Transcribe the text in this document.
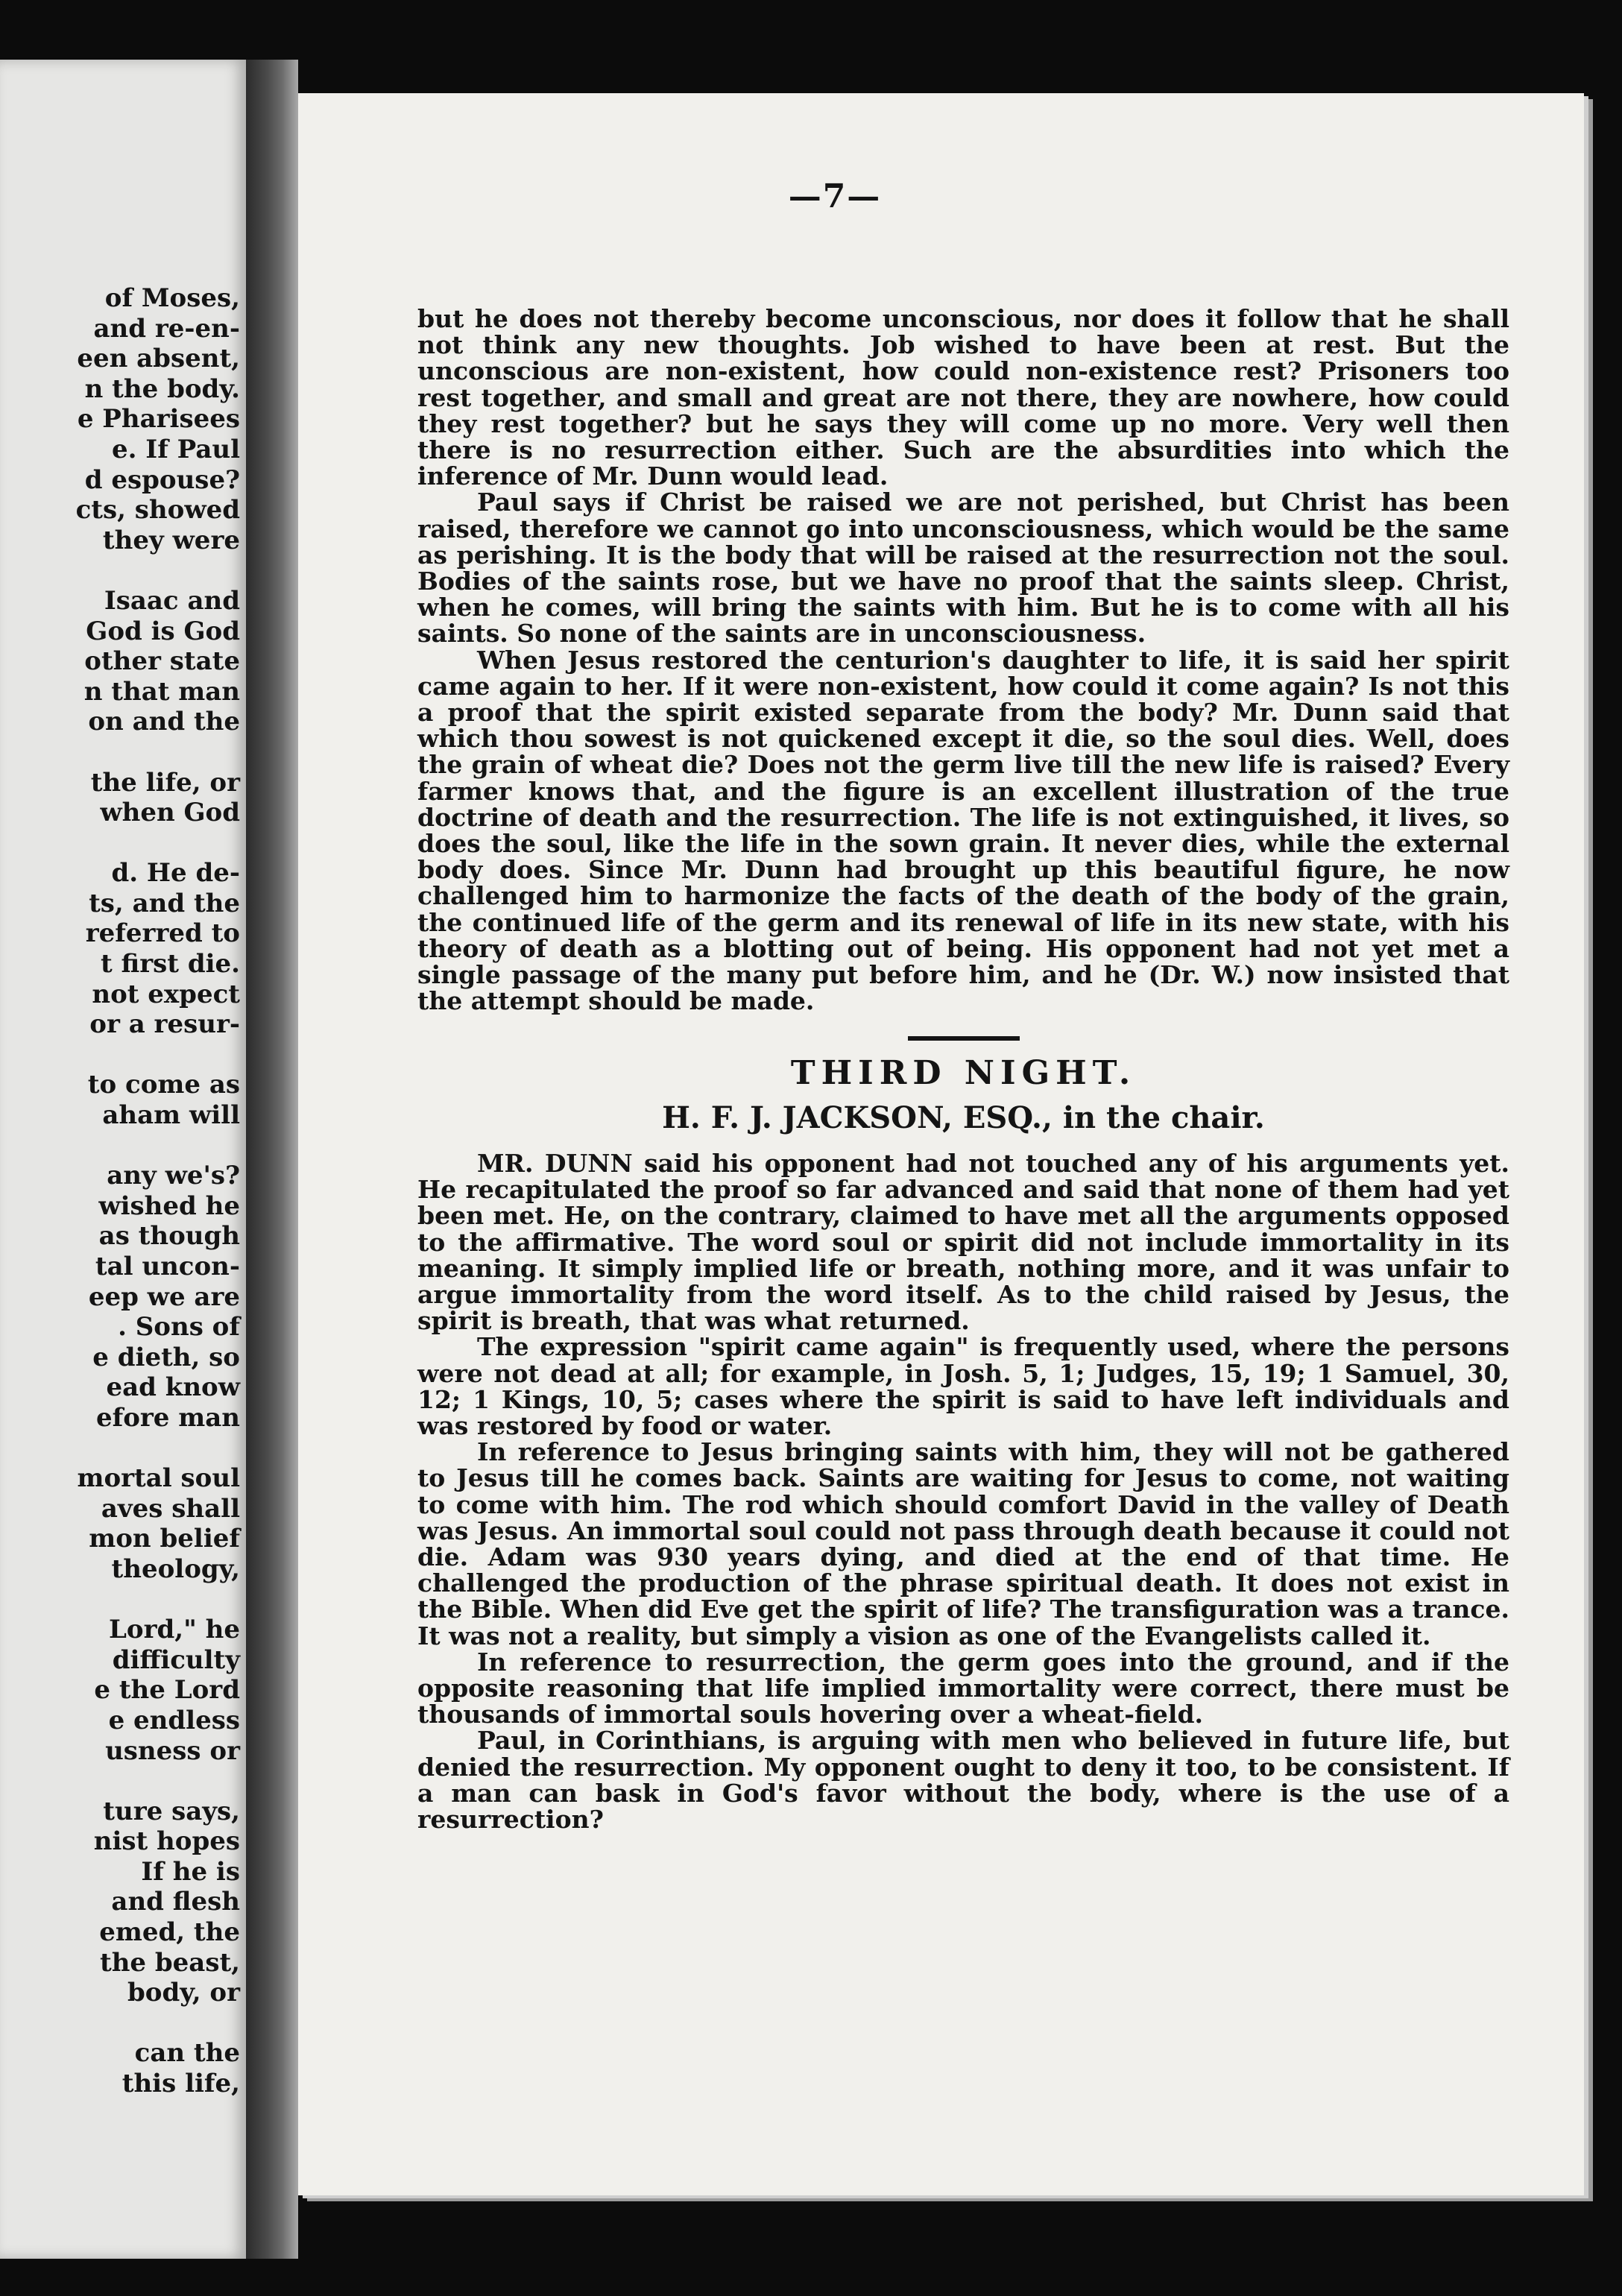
of Moses,
and re-en-
een absent,
n the body.
e Pharisees
e. If Paul
d espouse?
cts, showed
they were
Isaac and
God is God
other state
n that man
on and the
the life, or
when God
d. He de-
ts, and the
referred to
t first die.
not expect
or a resur-
to come as
aham will
any we's?
wished he
as though
tal uncon-
eep we are
. Sons of
e dieth, so
ead know
efore man
mortal soul
aves shall
mon belief
theology,
Lord," he
difficulty
e the Lord
e endless
usness or
ture says,
nist hopes
If he is
and flesh
emed, the
the beast,
body, or
can the
this life,
—7—

but he does not thereby become unconscious, nor does it follow that he shall not think any new thoughts. Job wished to have been at rest. But the unconscious are non-existent, how could non-existence rest? Prisoners too rest together, and small and great are not there, they are nowhere, how could they rest together? but he says they will come up no more. Very well then there is no resurrection either. Such are the absurdities into which the inference of Mr. Dunn would lead.

Paul says if Christ be raised we are not perished, but Christ has been raised, therefore we cannot go into unconsciousness, which would be the same as perishing. It is the body that will be raised at the resurrection not the soul. Bodies of the saints rose, but we have no proof that the saints sleep. Christ, when he comes, will bring the saints with him. But he is to come with all his saints. So none of the saints are in unconsciousness.

When Jesus restored the centurion's daughter to life, it is said her spirit came again to her. If it were non-existent, how could it come again? Is not this a proof that the spirit existed separate from the body? Mr. Dunn said that which thou sowest is not quickened except it die, so the soul dies. Well, does the grain of wheat die? Does not the germ live till the new life is raised? Every farmer knows that, and the figure is an excellent illustration of the true doctrine of death and the resurrection. The life is not extinguished, it lives, so does the soul, like the life in the sown grain. It never dies, while the external body does. Since Mr. Dunn had brought up this beautiful figure, he now challenged him to harmonize the facts of the death of the body of the grain, the continued life of the germ and its renewal of life in its new state, with his theory of death as a blotting out of being. His opponent had not yet met a single passage of the many put before him, and he (Dr. W.) now insisted that the attempt should be made.

THIRD NIGHT.
H. F. J. JACKSON, ESQ., in the chair.

MR. DUNN said his opponent had not touched any of his arguments yet. He recapitulated the proof so far advanced and said that none of them had yet been met. He, on the contrary, claimed to have met all the arguments opposed to the affirmative. The word soul or spirit did not include immortality in its meaning. It simply implied life or breath, nothing more, and it was unfair to argue immortality from the word itself. As to the child raised by Jesus, the spirit is breath, that was what returned.

The expression "spirit came again" is frequently used, where the persons were not dead at all; for example, in Josh. 5, 1; Judges, 15, 19; 1 Samuel, 30, 12; 1 Kings, 10, 5; cases where the spirit is said to have left individuals and was restored by food or water.

In reference to Jesus bringing saints with him, they will not be gathered to Jesus till he comes back. Saints are waiting for Jesus to come, not waiting to come with him. The rod which should comfort David in the valley of Death was Jesus. An immortal soul could not pass through death because it could not die. Adam was 930 years dying, and died at the end of that time. He challenged the production of the phrase spiritual death. It does not exist in the Bible. When did Eve get the spirit of life? The transfiguration was a trance. It was not a reality, but simply a vision as one of the Evangelists called it.

In reference to resurrection, the germ goes into the ground, and if the opposite reasoning that life implied immortality were correct, there must be thousands of immortal souls hovering over a wheat-field.

Paul, in Corinthians, is arguing with men who believed in future life, but denied the resurrection. My opponent ought to deny it too, to be consistent. If a man can bask in God's favor without the body, where is the use of a resurrection?
